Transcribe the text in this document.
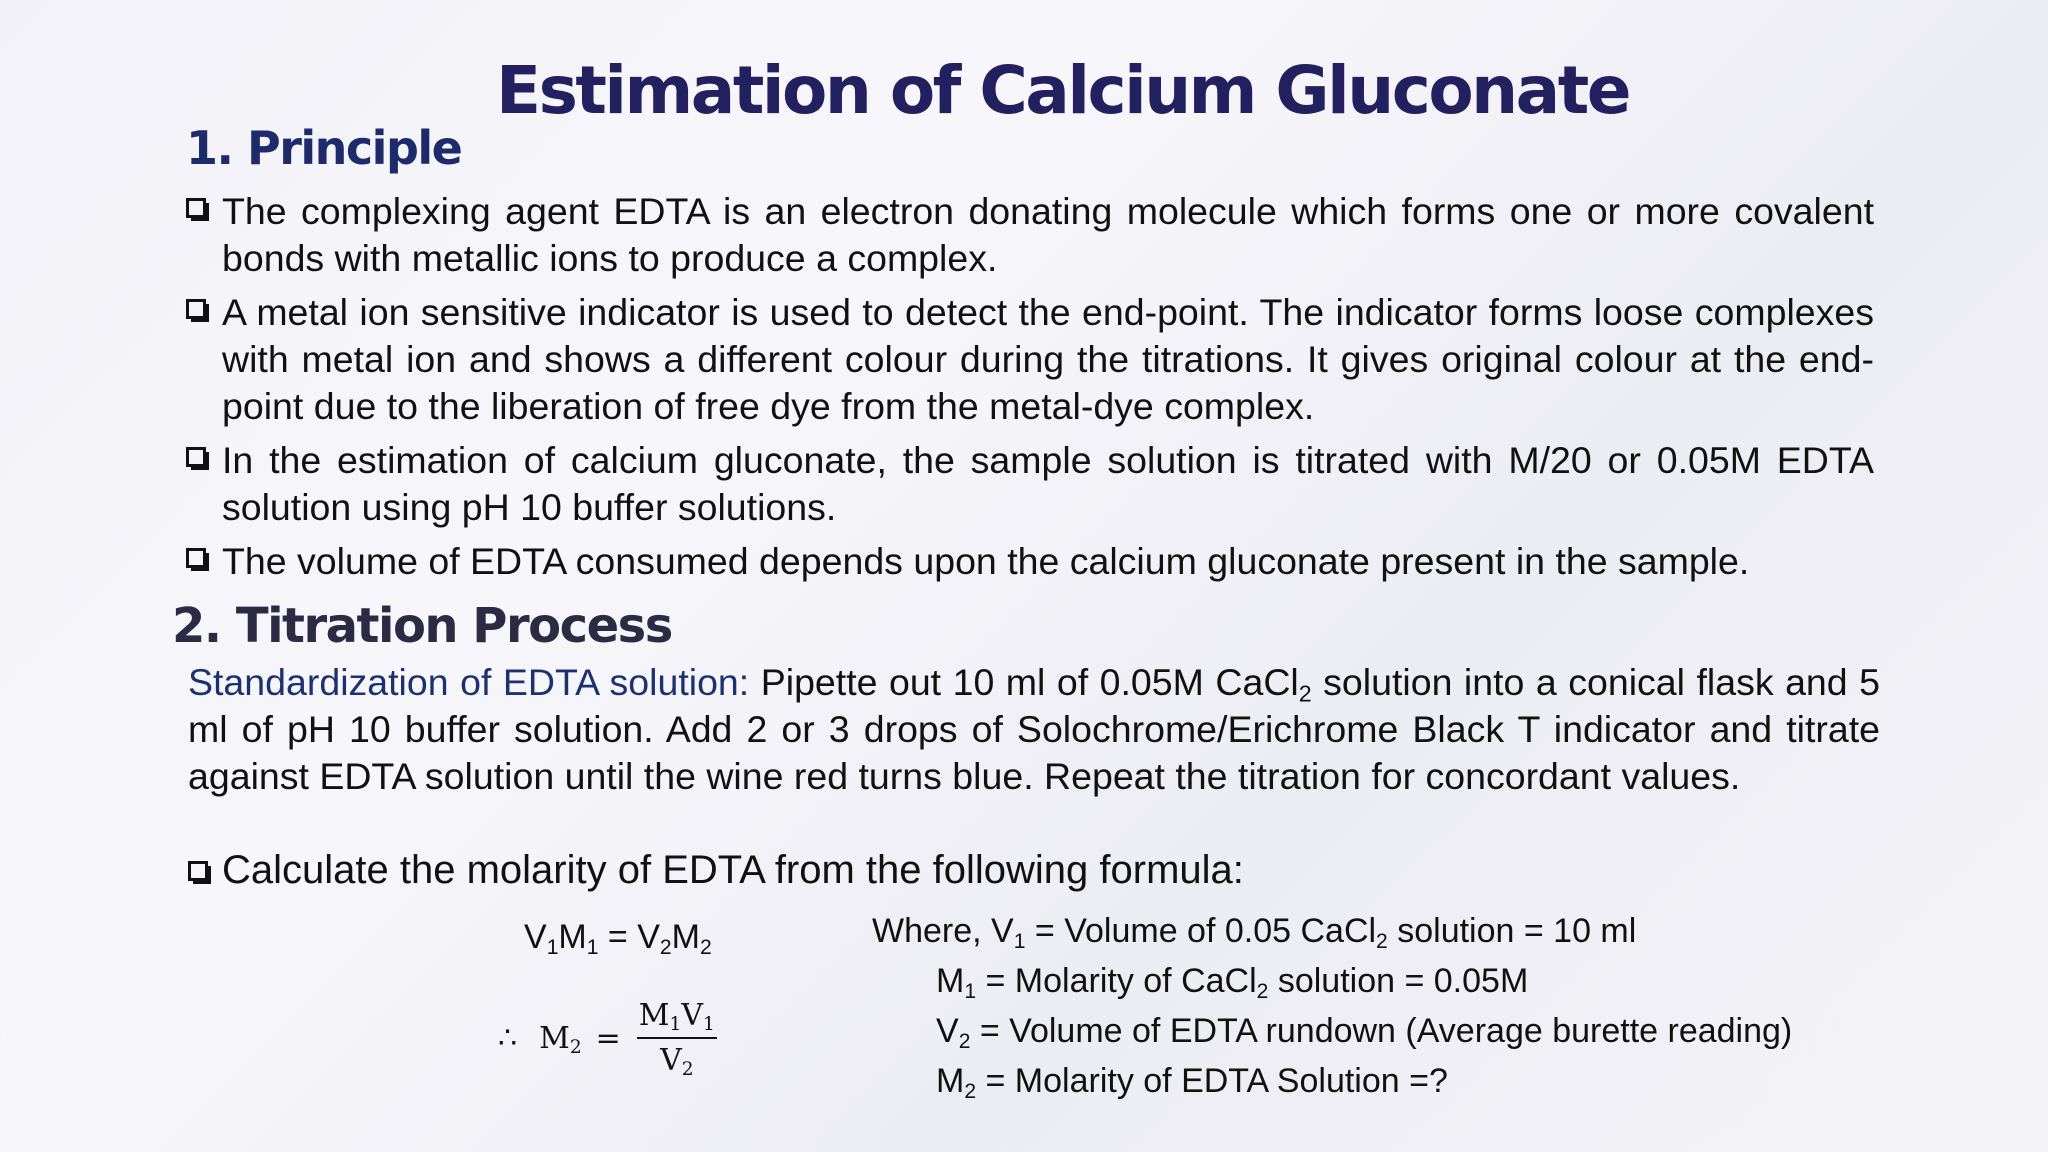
Estimation of Calcium Gluconate
1. Principle
The complexing agent EDTA is an electron donating molecule which forms one or more covalent bonds with metallic ions to produce a complex.
A metal ion sensitive indicator is used to detect the end-point. The indicator forms loose complexes with metal ion and shows a different colour during the titrations. It gives original colour at the end-point due to the liberation of free dye from the metal-dye complex.
In the estimation of calcium gluconate, the sample solution is titrated with M/20 or 0.05M EDTA solution using pH 10 buffer solutions.
The volume of EDTA consumed depends upon the calcium gluconate present in the sample.
2. Titration Process

Standardization of EDTA solution: Pipette out 10 ml of 0.05M CaCl$_2$ solution into a conical flask and 5 ml of pH 10 buffer solution. Add 2 or 3 drops of Solochrome/Erichrome Black T indicator and titrate against EDTA solution until the wine red turns blue. Repeat the titration for concordant values.

Calculate the molarity of EDTA from the following formula:
$V_1M_1 = V_2M_2$
∴ $M_2 = \frac{M_1V_1}{V_2}$
Where, $V_1$ = Volume of 0.05 CaCl$_2$ solution = 10 ml
$M_1$ = Molarity of CaCl$_2$ solution = 0.05M
$V_2$ = Volume of EDTA rundown (Average burette reading)
$M_2$ = Molarity of EDTA Solution =?
